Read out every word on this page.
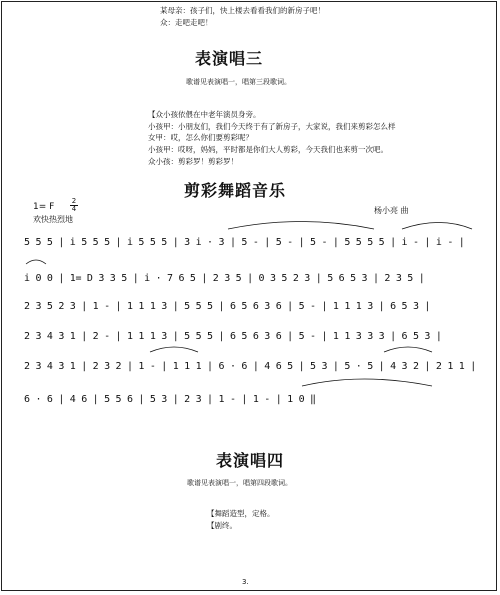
某母亲：孩子们，快上楼去看看我们的新房子吧！
众：走吧走吧！
表演唱三
歌谱见表演唱一，唱第三段歌词。
【众小孩依偎在中老年演员身旁。
小孩甲：小朋友们，我们今天终于有了新房子，大家说，我们来剪彩怎么样
女甲：哎，怎么你们要剪彩呢？
小孩甲：哎呀，妈妈，平时都是你们大人剪彩，今天我们也来剪一次吧。
众小孩：剪彩罗！剪彩罗！
剪彩舞蹈音乐
1= F
2
4
欢快热烈地
杨小亮 曲
5 5 5 | i 5 5 5 | i 5 5 5 | 3 i · 3 | 5 - | 5 - | 5 - | 5 5 5 5 | i - | i - |
i 0 0 | 1= D 3 3 5 | i · 7 6 5 | 2 3 5 | 0 3 5 2 3 | 5 6 5 3 | 2 3 5 |
2 3 5 2 3 | 1 - | 1 1 1 3 | 5 5 5 | 6 5 6 3 6 | 5 - | 1 1 1 3 | 6 5 3 |
2 3 4 3 1 | 2 - | 1 1 1 3 | 5 5 5 | 6 5 6 3 6 | 5 - | 1 1 3 3 3 | 6 5 3 |
2 3 4 3 1 | 2 3 2 | 1 - | 1 1 1 | 6 · 6 | 4 6 5 | 5 3 | 5 · 5 | 4 3 2 | 2 1 1 |
6 · 6 | 4 6 | 5 5 6 | 5 3 | 2 3 | 1 - | 1 - | 1 0 ‖
表演唱四
歌谱见表演唱一，唱第四段歌词。
【舞蹈造型，定格。
【剧终。
3.
